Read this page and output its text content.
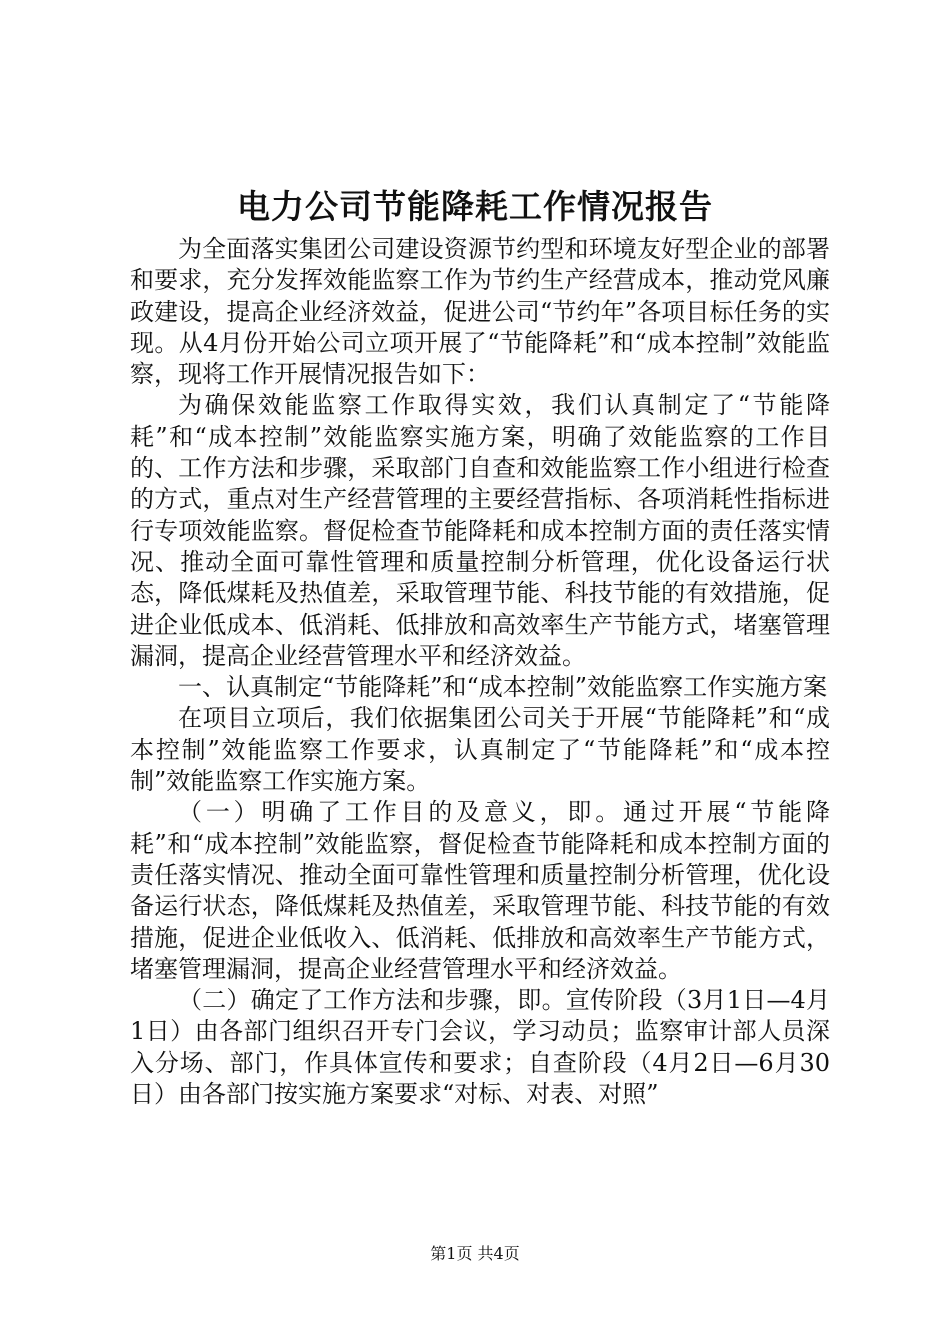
电力公司节能降耗工作情况报告

为全面落实集团公司建设资源节约型和环境友好型企业的部署和要求，充分发挥效能监察工作为节约生产经营成本，推动党风廉政建设，提高企业经济效益，促进公司“节约年”各项目标任务的实现。从4月份开始公司立项开展了“节能降耗”和“成本控制”效能监察，现将工作开展情况报告如下：

为确保效能监察工作取得实效，我们认真制定了“节能降耗”和“成本控制”效能监察实施方案，明确了效能监察的工作目的、工作方法和步骤，采取部门自查和效能监察工作小组进行检查的方式，重点对生产经营管理的主要经营指标、各项消耗性指标进行专项效能监察。督促检查节能降耗和成本控制方面的责任落实情况、推动全面可靠性管理和质量控制分析管理，优化设备运行状态，降低煤耗及热值差，采取管理节能、科技节能的有效措施，促进企业低成本、低消耗、低排放和高效率生产节能方式，堵塞管理漏洞，提高企业经营管理水平和经济效益。

一、认真制定“节能降耗”和“成本控制”效能监察工作实施方案

在项目立项后，我们依据集团公司关于开展“节能降耗”和“成本控制”效能监察工作要求，认真制定了“节能降耗”和“成本控制”效能监察工作实施方案。

（一）明确了工作目的及意义，即。通过开展“节能降耗”和“成本控制”效能监察，督促检查节能降耗和成本控制方面的责任落实情况、推动全面可靠性管理和质量控制分析管理，优化设备运行状态，降低煤耗及热值差，采取管理节能、科技节能的有效措施，促进企业低收入、低消耗、低排放和高效率生产节能方式，堵塞管理漏洞，提高企业经营管理水平和经济效益。

（二）确定了工作方法和步骤，即。宣传阶段（3月1日—4月1日）由各部门组织召开专门会议，学习动员；监察审计部人员深入分场、部门，作具体宣传和要求；自查阶段（4月2日—6月30日）由各部门按实施方案要求“对标、对表、对照”

第1页 共4页
